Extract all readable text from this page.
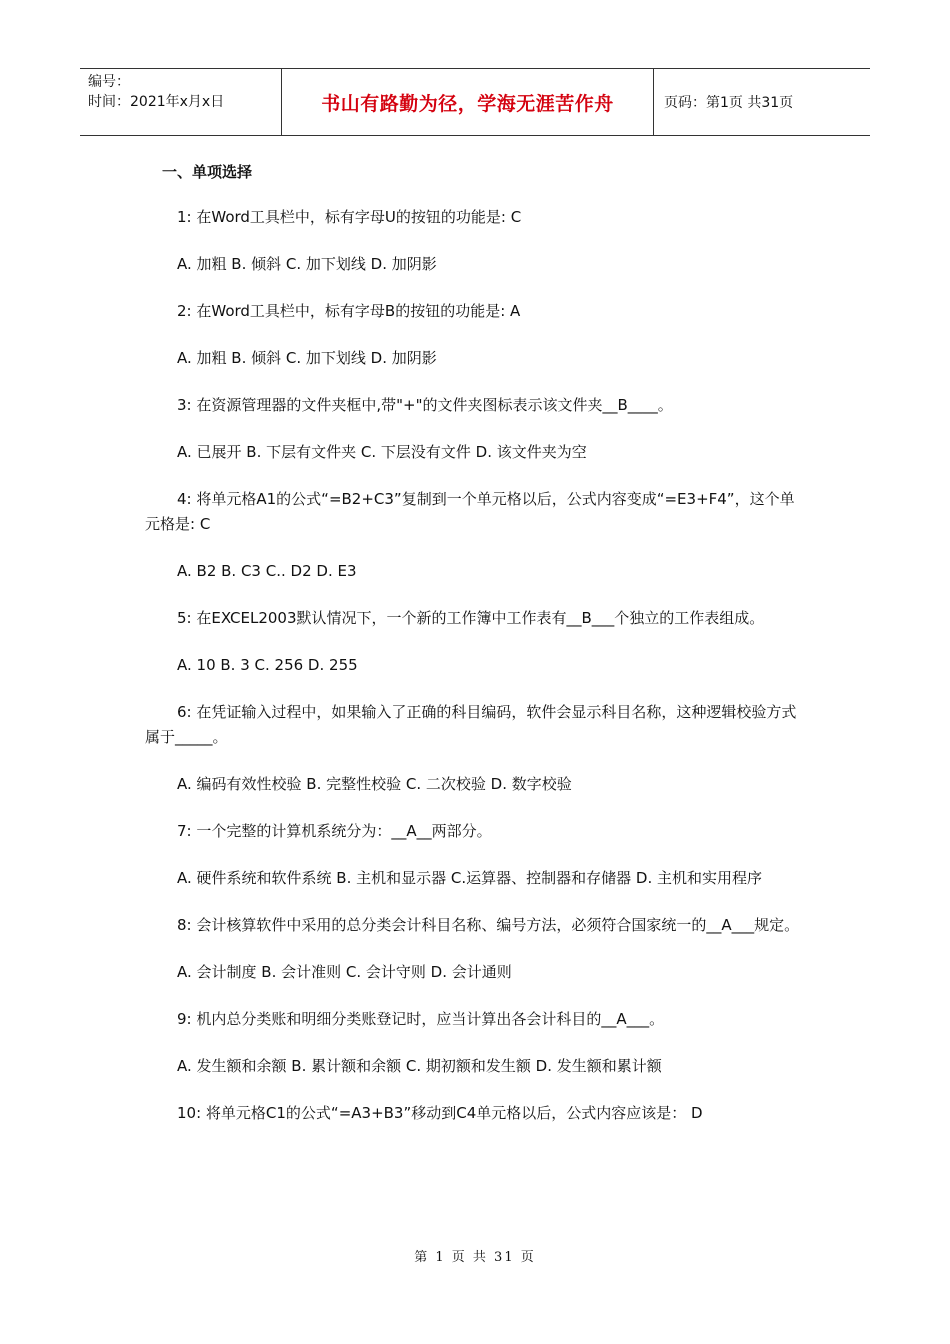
编号：
时间：2021年x月x日	书山有路勤为径，学海无涯苦作舟	页码：第1页 共31页
一、单项选择

1: 在Word工具栏中，标有字母U的按钮的功能是: C

A. 加粗 B. 倾斜 C. 加下划线 D. 加阴影

2: 在Word工具栏中，标有字母B的按钮的功能是: A

A. 加粗 B. 倾斜 C. 加下划线 D. 加阴影

3: 在资源管理器的文件夹框中,带"+"的文件夹图标表示该文件夹__B____。

A. 已展开 B. 下层有文件夹 C. 下层没有文件 D. 该文件夹为空

4: 将单元格A1的公式“=B2+C3”复制到一个单元格以后，公式内容变成“=E3+F4”，这个单元格是: C

A. B2 B. C3 C.. D2 D. E3

5: 在EXCEL2003默认情况下，一个新的工作簿中工作表有__B___个独立的工作表组成。

A. 10 B. 3 C. 256 D. 255

6: 在凭证输入过程中，如果输入了正确的科目编码，软件会显示科目名称，这种逻辑校验方式属于_____。

A. 编码有效性校验 B. 完整性校验 C. 二次校验 D. 数字校验

7: 一个完整的计算机系统分为：__A__两部分。

A. 硬件系统和软件系统 B. 主机和显示器 C.运算器、控制器和存储器 D. 主机和实用程序

8: 会计核算软件中采用的总分类会计科目名称、编号方法，必须符合国家统一的__A___规定。

A. 会计制度 B. 会计准则 C. 会计守则 D. 会计通则

9: 机内总分类账和明细分类账登记时，应当计算出各会计科目的__A___。

A. 发生额和余额 B. 累计额和余额 C. 期初额和发生额 D. 发生额和累计额

10: 将单元格C1的公式“=A3+B3”移动到C4单元格以后，公式内容应该是： D

第 1 页 共 31 页
